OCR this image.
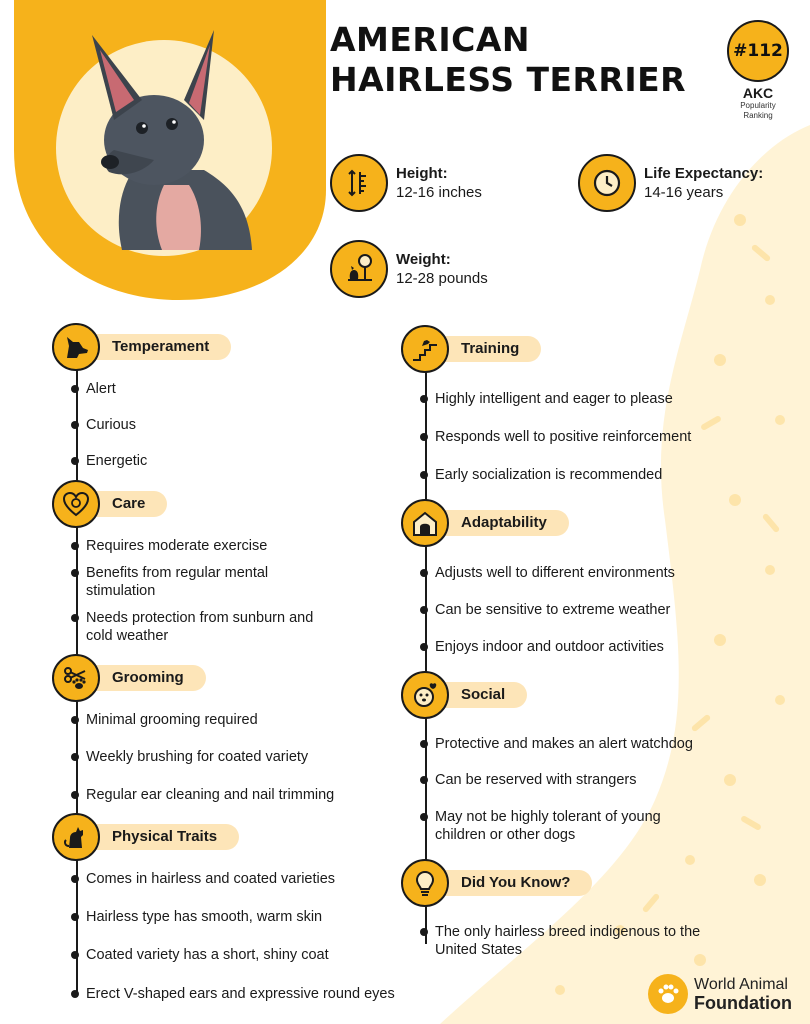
AMERICAN
HAIRLESS TERRIER
#112
AKC
Popularity
Ranking
Height:
12-16 inches
Life Expectancy:
14-16 years
Weight:
12-28 pounds
Temperament
Alert
Curious
Energetic
Care
Requires moderate exercise
Benefits from regular mental stimulation
Needs protection from sunburn and cold weather
Grooming
Minimal grooming required
Weekly brushing for coated variety
Regular ear cleaning and nail trimming
Physical Traits
Comes in hairless and coated varieties
Hairless type has smooth, warm skin
Coated variety has a short, shiny coat
Erect V-shaped ears and expressive round eyes
Training
Highly intelligent and eager to please
Responds well to positive reinforcement
Early socialization is recommended
Adaptability
Adjusts well to different environments
Can be sensitive to extreme weather
Enjoys indoor and outdoor activities
Social
Protective and makes an alert watchdog
Can be reserved with strangers
May not be highly tolerant of young children or other dogs
Did You Know?
The only hairless breed indigenous to the United States
World Animal
Foundation
